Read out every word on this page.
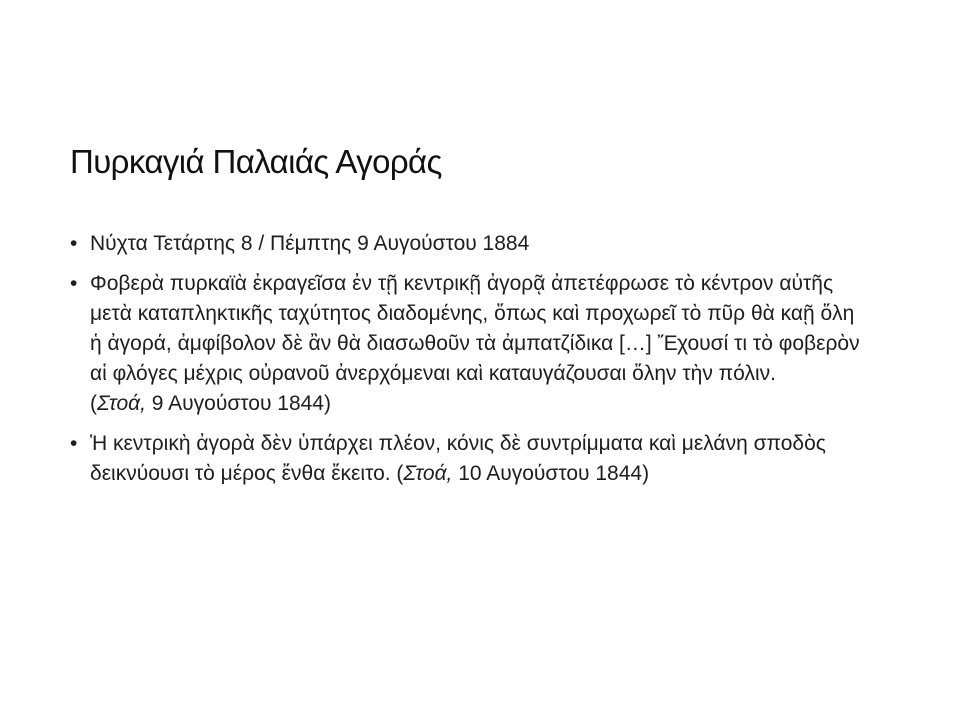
Πυρκαγιά Παλαιάς Αγοράς
• Νύχτα Τετάρτης 8 / Πέμπτης 9 Αυγούστου 1884
• Φοβερὰ πυρκαϊὰ ἐκραγεῖσα ἐν τῇ κεντρικῇ ἀγορᾷ ἀπετέφρωσε τὸ κέντρον αὐτῆς μετὰ καταπληκτικῆς ταχύτητος διαδομένης, ὅπως καὶ προχωρεῖ τὸ πῦρ θὰ καῇ ὅλη ἡ ἀγορά, ἀμφίβολον δὲ ἂν θὰ διασωθοῦν τὰ ἀμπατζίδικα […] Ἔχουσί τι τὸ φοβερὸν αἱ φλόγες μέχρις οὐρανοῦ ἀνερχόμεναι καὶ καταυγάζουσαι ὅλην τὴν πόλιν.
(Στοά, 9 Αυγούστου 1844)
• Ἡ κεντρικὴ ἀγορὰ δὲν ὑπάρχει πλέον, κόνις δὲ συντρίμματα καὶ μελάνη σποδὸς δεικνύουσι τὸ μέρος ἔνθα ἔκειτο. (Στοά, 10 Αυγούστου 1844)
